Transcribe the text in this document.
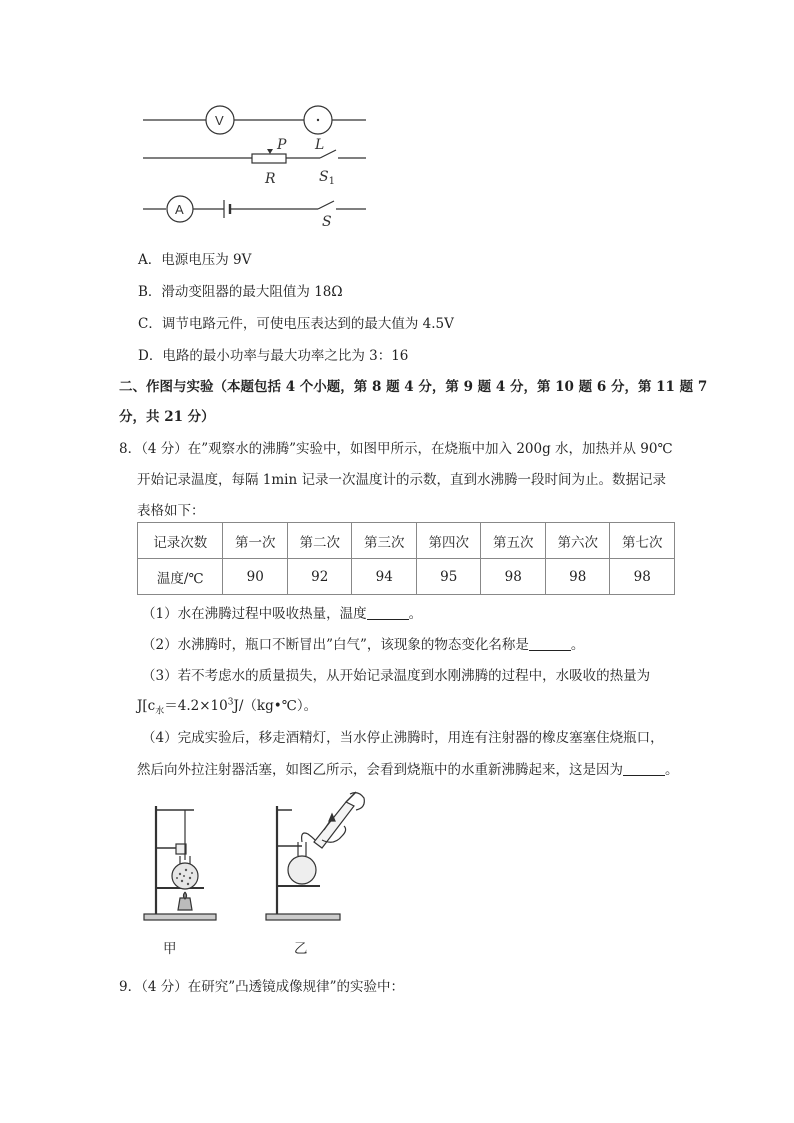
V
A
P
R
L
$S_1$
S
A．电源电压为 9V
B．滑动变阻器的最大阻值为 18Ω
C．调节电路元件，可使电压表达到的最大值为 4.5V
D．电路的最小功率与最大功率之比为 3：16
二、作图与实验（本题包括 4 个小题，第 8 题 4 分，第 9 题 4 分，第 10 题 6 分，第 11 题 7
分，共 21 分）
8．（4 分）在”观察水的沸腾”实验中，如图甲所示，在烧瓶中加入 200g 水，加热并从 90℃
开始记录温度，每隔 1min 记录一次温度计的示数，直到水沸腾一段时间为止。数据记录
表格如下：
记录次数	第一次	第二次	第三次	第四次	第五次	第六次	第七次
温度/℃	90	92	94	95	98	98	98
（1）水在沸腾过程中吸收热量，温度	。
（2）水沸腾时，瓶口不断冒出”白气”，该现象的物态变化名称是	。
（3）若不考虑水的质量损失，从开始记录温度到水刚沸腾的过程中，水吸收的热量为
$J[c_水=4.2\times 10^3J/(kg•℃)$。
（4）完成实验后，移走酒精灯，当水停止沸腾时，用连有注射器的橡皮塞塞住烧瓶口，
然后向外拉注射器活塞，如图乙所示，会看到烧瓶中的水重新沸腾起来，这是因为	。
甲	乙
9．（4 分）在研究”凸透镜成像规律”的实验中：
